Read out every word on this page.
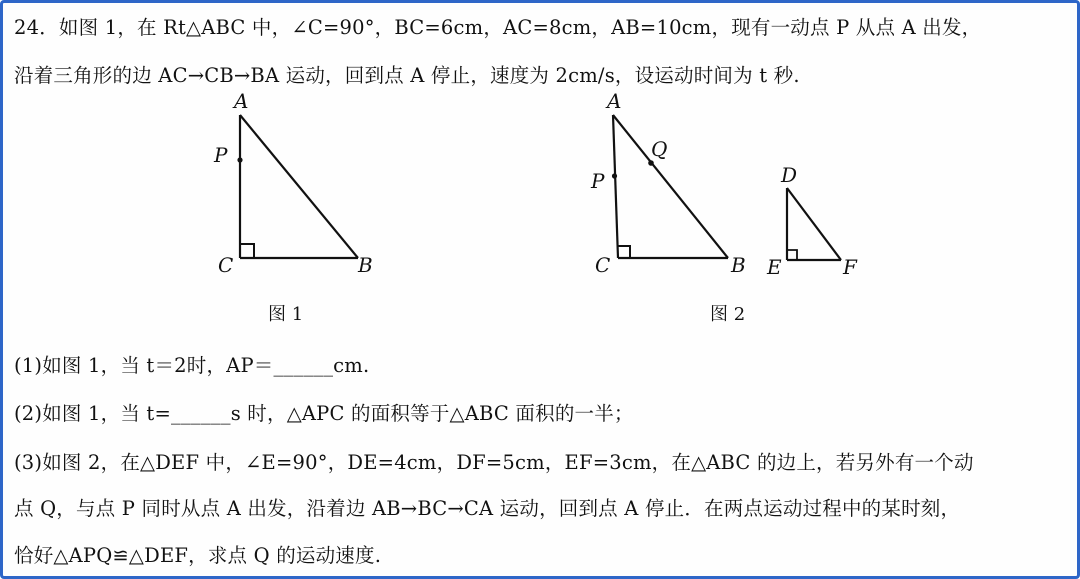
24．如图 1，在 Rt△ABC 中，∠C=90°，BC=6cm，AC=8cm，AB=10cm，现有一动点 P 从点 A 出发，
沿着三角形的边 AC→CB→BA 运动，回到点 A 停止，速度为 2cm/s，设运动时间为 t 秒.
A
P
C	B
图 1
A
P
Q
C	B
D
E	F
图 2
(1)如图 1，当 t＝2时，AP＝______cm.
(2)如图 1，当 t=______s 时，△APC 的面积等于△ABC 面积的一半；
(3)如图 2，在△DEF 中，∠E=90°，DE=4cm，DF=5cm，EF=3cm，在△ABC 的边上，若另外有一个动
点 Q，与点 P 同时从点 A 出发，沿着边 AB→BC→CA 运动，回到点 A 停止．在两点运动过程中的某时刻，
恰好△APQ≌△DEF，求点 Q 的运动速度.
